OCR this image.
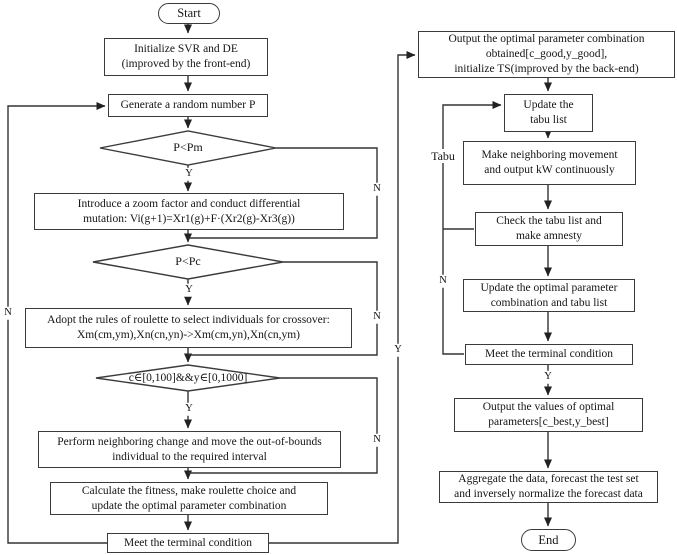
Start
End
Initialize SVR and DE
(improved by the front-end)
Generate a random number P
Introduce a zoom factor and conduct differential
mutation: Vi(g+1)=Xr1(g)+F·(Xr2(g)-Xr3(g))
Adopt the rules of roulette to select individuals for crossover:
Xm(cm,ym),Xn(cn,yn)->Xm(cm,yn),Xn(cn,ym)
Perform neighboring change and move the out-of-bounds
individual to the required interval
Calculate the fitness, make roulette choice and
update the optimal parameter combination
Meet the terminal condition
P<Pm
P<Pc
c∈[0,100]&&y∈[0,1000]
Output the optimal parameter combination
obtained[c_good,y_good],
initialize TS(improved by the back-end)
Update the
tabu list
Make neighboring movement
and output kW continuously
Check the tabu list and
make amnesty
Update the optimal parameter
combination and tabu list
Meet the terminal condition
Output the values of optimal
parameters[c_best,y_best]
Aggregate the data, forecast the test set
and inversely normalize the forecast data
Y
Y
Y
N
N
N
N
Y
Tabu
N
Y
